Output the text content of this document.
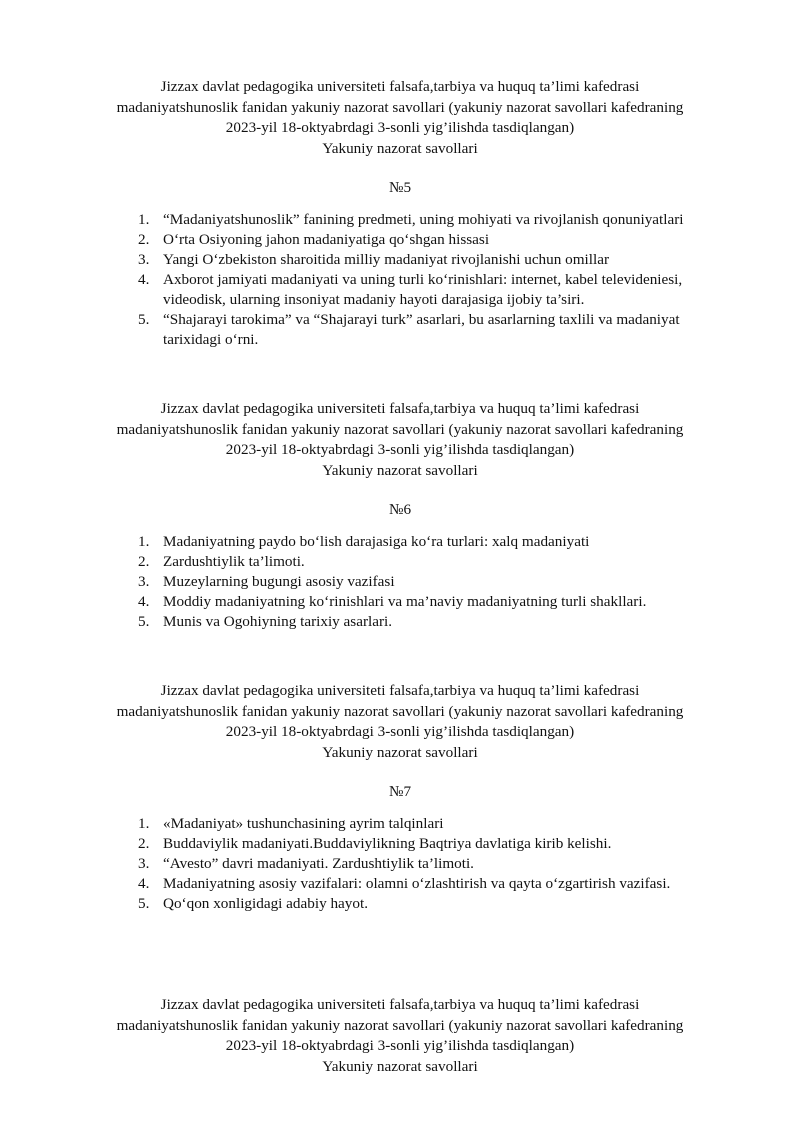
Jizzax davlat pedagogika universiteti falsafa,tarbiya va huquq ta’limi kafedrasi
madaniyatshunoslik fanidan yakuniy nazorat savollari (yakuniy nazorat savollari kafedraning
2023-yil 18-oktyabrdagi 3-sonli yig’ilishda tasdiqlangan)
Yakuniy nazorat savollari
№5
1. “Madaniyatshunoslik” fanining predmeti, uning mohiyati va rivojlanish qonuniyatlari
2. O‘rta Osiyoning jahon madaniyatiga qo‘shgan hissasi
3. Yangi O‘zbekiston sharoitida milliy madaniyat rivojlanishi uchun omillar
4. Axborot jamiyati madaniyati va uning turli ko‘rinishlari: internet, kabel televideniesi, videodisk, ularning insoniyat madaniy hayoti darajasiga ijobiy ta’siri.
5. “Shajarayi tarokima” va “Shajarayi turk” asarlari, bu asarlarning taxlili va madaniyat tarixidagi o‘rni.
Jizzax davlat pedagogika universiteti falsafa,tarbiya va huquq ta’limi kafedrasi
madaniyatshunoslik fanidan yakuniy nazorat savollari (yakuniy nazorat savollari kafedraning
2023-yil 18-oktyabrdagi 3-sonli yig’ilishda tasdiqlangan)
Yakuniy nazorat savollari
№6
1. Madaniyatning paydo bo‘lish darajasiga ko‘ra turlari: xalq madaniyati
2. Zardushtiylik ta’limoti.
3. Muzeylarning bugungi asosiy vazifasi
4. Moddiy madaniyatning ko‘rinishlari va ma’naviy madaniyatning turli shakllari.
5. Munis va Ogohiyning tarixiy asarlari.
Jizzax davlat pedagogika universiteti falsafa,tarbiya va huquq ta’limi kafedrasi
madaniyatshunoslik fanidan yakuniy nazorat savollari (yakuniy nazorat savollari kafedraning
2023-yil 18-oktyabrdagi 3-sonli yig’ilishda tasdiqlangan)
Yakuniy nazorat savollari
№7
1. «Madaniyat» tushunchasining ayrim talqinlari
2. Buddaviylik madaniyati.Buddaviylikning Baqtriya davlatiga kirib kelishi.
3. “Avesto” davri madaniyati. Zardushtiylik ta’limoti.
4. Madaniyatning asosiy vazifalari: olamni o‘zlashtirish va qayta o‘zgartirish vazifasi.
5. Qo‘qon xonligidagi adabiy hayot.
Jizzax davlat pedagogika universiteti falsafa,tarbiya va huquq ta’limi kafedrasi
madaniyatshunoslik fanidan yakuniy nazorat savollari (yakuniy nazorat savollari kafedraning
2023-yil 18-oktyabrdagi 3-sonli yig’ilishda tasdiqlangan)
Yakuniy nazorat savollari
